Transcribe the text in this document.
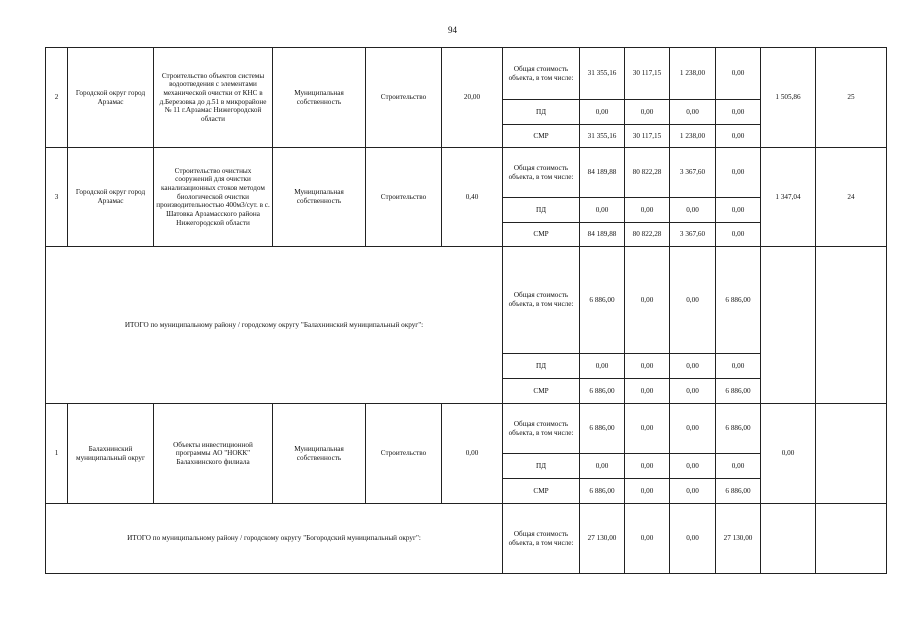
94
2	Городской округ город Арзамас	Строительство объектов системы водоотведения с элементами механической очистки от КНС в д.Березовка до д.51 в микрорайоне № 11 г.Арзамас Нижегородской области	Муниципальная собственность	Строительство	20,00	Общая стоимость объекта, в том числе:	31 355,16	30 117,15	1 238,00	0,00	1 505,86	25
						ПД	0,00	0,00	0,00	0,00		
						СМР	31 355,16	30 117,15	1 238,00	0,00		
3	Городской округ город Арзамас	Строительство очистных сооружений для очистки канализационных стоков методом биологической очистки производительностью 400м3/сут. в с. Шатовка Арзамасского района Нижегородской области	Муниципальная собственность	Строительство	0,40	Общая стоимость объекта, в том числе:	84 189,88	80 822,28	3 367,60	0,00	1 347,04	24
						ПД	0,00	0,00	0,00	0,00		
						СМР	84 189,88	80 822,28	3 367,60	0,00		
ИТОГО по муниципальному району / городскому округу "Балахнинский муниципальный округ":						Общая стоимость объекта, в том числе:	6 886,00	0,00	0,00	6 886,00		
						ПД	0,00	0,00	0,00	0,00		
						СМР	6 886,00	0,00	0,00	6 886,00		
1	Балахнинский муниципальный округ	Объекты инвестиционной программы АО "НОКК" Балахнинского филиала	Муниципальная собственность	Строительство	0,00	Общая стоимость объекта, в том числе:	6 886,00	0,00	0,00	6 886,00	0,00	
						ПД	0,00	0,00	0,00	0,00		
						СМР	6 886,00	0,00	0,00	6 886,00		
ИТОГО по муниципальному району / городскому округу "Богородский муниципальный округ":						Общая стоимость объекта, в том числе:	27 130,00	0,00	0,00	27 130,00		
